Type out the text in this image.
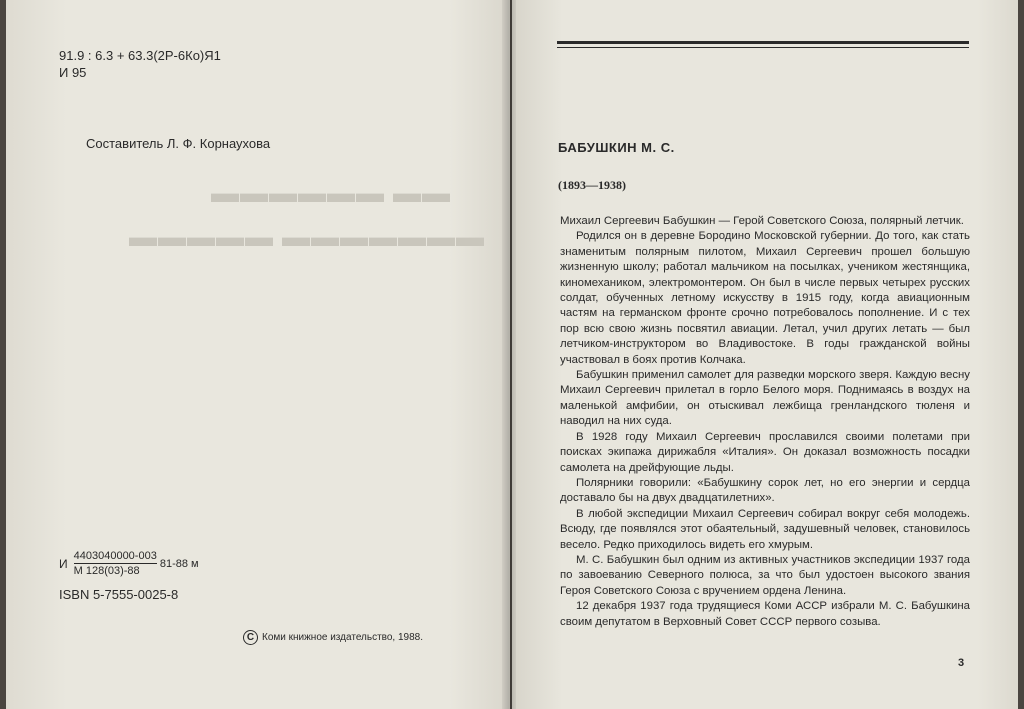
▬▬ ▬▬▬▬▬▬
▬▬▬▬▬▬▬ ▬▬▬▬▬
91.9 : 6.3 + 63.3(2Р-6Ко)Я1
И 95
Составитель Л. Ф. Корнаухова
И $\frac{4403040000-003}{М 128(03)-88} 81-88$ м
ISBN 5-7555-0025-8
С Коми книжное издательство, 1988.
БАБУШКИН М. С.
(1893—1938)

Михаил Сергеевич Бабушкин — Герой Советского Союза, полярный летчик.

Родился он в деревне Бородино Московской губернии. До того, как стать знаменитым полярным пилотом, Михаил Сергеевич прошел большую жизненную школу; работал мальчиком на посылках, учеником жестянщика, киномехаником, электромонтером. Он был в числе первых четырех русских солдат, обученных летному искусству в 1915 году, когда авиационным частям на германском фронте срочно потребовалось пополнение. И с тех пор всю свою жизнь посвятил авиации. Летал, учил других летать — был летчиком-инструктором во Владивостоке. В годы гражданской войны участвовал в боях против Колчака.

Бабушкин применил самолет для разведки морского зверя. Каждую весну Михаил Сергеевич прилетал в горло Белого моря. Поднимаясь в воздух на маленькой амфибии, он отыскивал лежбища гренландского тюленя и наводил на них суда.

В 1928 году Михаил Сергеевич прославился своими полетами при поисках экипажа дирижабля «Италия». Он доказал возможность посадки самолета на дрейфующие льды.

Полярники говорили: «Бабушкину сорок лет, но его энергии и сердца доставало бы на двух двадцатилетних».

В любой экспедиции Михаил Сергеевич собирал вокруг себя молодежь. Всюду, где появлялся этот обаятельный, задушевный человек, становилось весело. Редко приходилось видеть его хмурым.

М. С. Бабушкин был одним из активных участников экспедиции 1937 года по завоеванию Северного полюса, за что был удостоен высокого звания Героя Советского Союза с вручением ордена Ленина.

12 декабря 1937 года трудящиеся Коми АССР избрали М. С. Бабушкина своим депутатом в Верховный Совет СССР первого созыва.

3
